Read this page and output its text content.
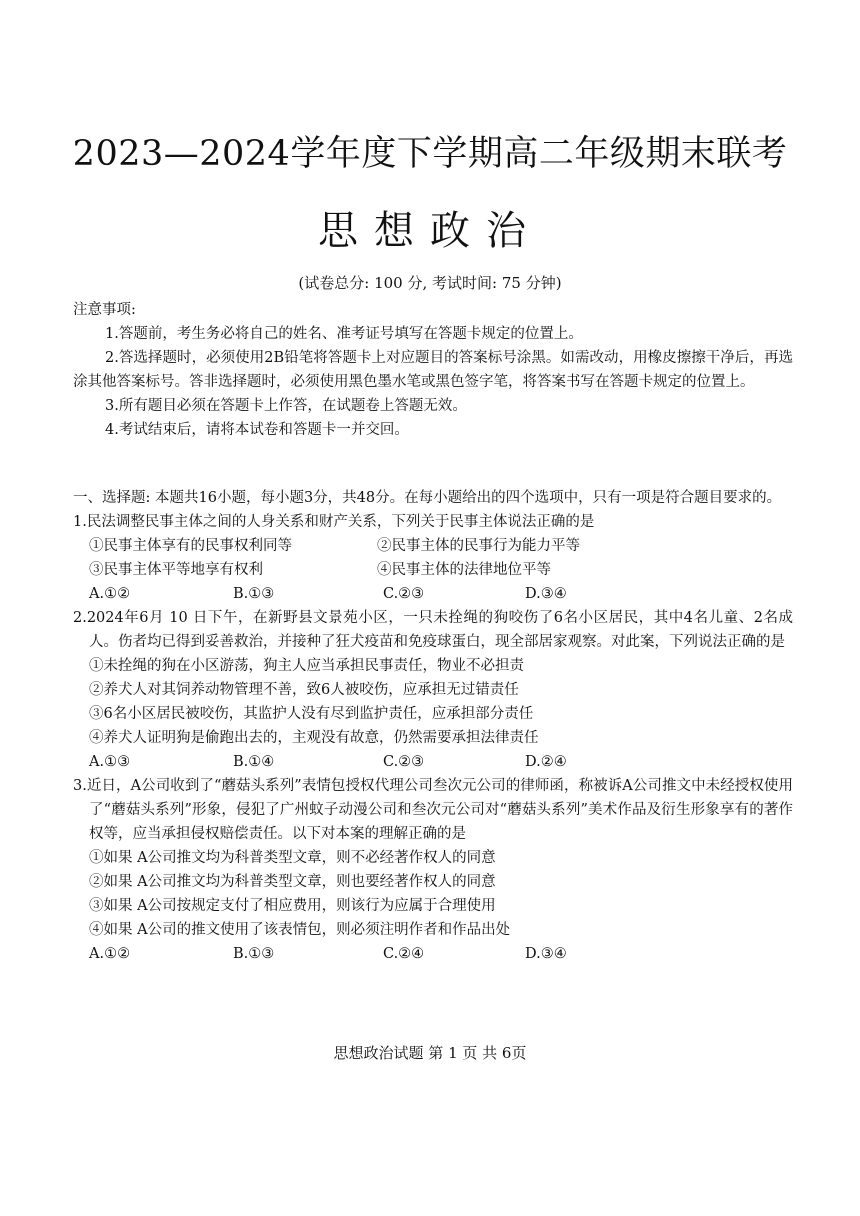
2023—2024学年度下学期高二年级期末联考
思想政治
(试卷总分: 100 分, 考试时间: 75 分钟)

注意事项:

1.答题前，考生务必将自己的姓名、准考证号填写在答题卡规定的位置上。

2.答选择题时，必须使用2B铅笔将答题卡上对应题目的答案标号涂黑。如需改动，用橡皮擦擦干净后，再选涂其他答案标号。答非选择题时，必须使用黑色墨水笔或黑色签字笔，将答案书写在答题卡规定的位置上。

3.所有题目必须在答题卡上作答，在试题卷上答题无效。

4.考试结束后，请将本试卷和答题卡一并交回。

一、选择题: 本题共16小题，每小题3分，共48分。在每小题给出的四个选项中，只有一项是符合题目要求的。

1.民法调整民事主体之间的人身关系和财产关系，下列关于民事主体说法正确的是

①民事主体享有的民事权利同等	②民事主体的民事行为能力平等
③民事主体平等地享有权利	④民事主体的法律地位平等
A.①②	B.①③	C.②③	D.③④

2.2024年6月 10 日下午，在新野县文景苑小区，一只未拴绳的狗咬伤了6名小区居民，其中4名儿童、2名成人。伤者均已得到妥善救治，并接种了狂犬疫苗和免疫球蛋白，现全部居家观察。对此案，下列说法正确的是

①未拴绳的狗在小区游荡，狗主人应当承担民事责任，物业不必担责

②养犬人对其饲养动物管理不善，致6人被咬伤，应承担无过错责任

③6名小区居民被咬伤，其监护人没有尽到监护责任，应承担部分责任

④养犬人证明狗是偷跑出去的，主观没有故意，仍然需要承担法律责任

A.①③	B.①④	C.②③	D.②④

3.近日，A公司收到了“蘑菇头系列”表情包授权代理公司叁次元公司的律师函，称被诉A公司推文中未经授权使用了“蘑菇头系列”形象，侵犯了广州蚊子动漫公司和叁次元公司对“蘑菇头系列”美术作品及衍生形象享有的著作权等，应当承担侵权赔偿责任。以下对本案的理解正确的是

①如果 A公司推文均为科普类型文章，则不必经著作权人的同意

②如果 A公司推文均为科普类型文章，则也要经著作权人的同意

③如果 A公司按规定支付了相应费用，则该行为应属于合理使用

④如果 A公司的推文使用了该表情包，则必须注明作者和作品出处

A.①②	B.①③	C.②④	D.③④
思想政治试题 第 1 页 共 6页
